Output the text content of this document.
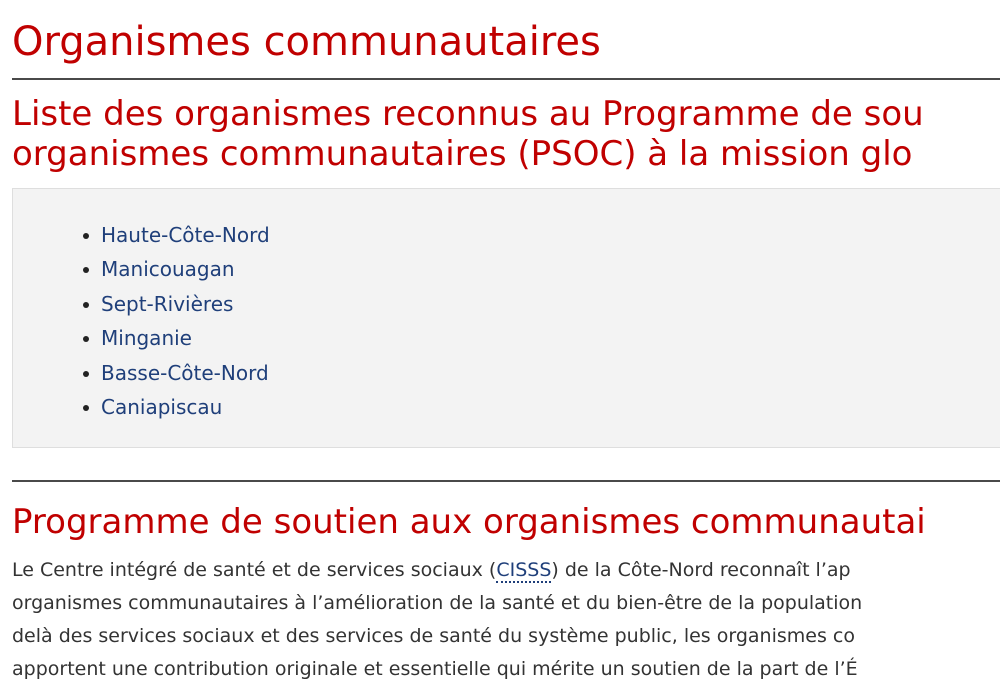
Organismes communautaires
Liste des organismes reconnus au Programme de sou
organismes communautaires (PSOC) à la mission glo
Haute-Côte-Nord
Manicouagan
Sept-Rivières
Minganie
Basse-Côte-Nord
Caniapiscau
Programme de soutien aux organismes communautai

Le Centre intégré de santé et de services sociaux (CISSS) de la Côte-Nord reconnaît l’ap
organismes communautaires à l’amélioration de la santé et du bien-être de la population
delà des services sociaux et des services de santé du système public, les organismes co
apportent une contribution originale et essentielle qui mérite un soutien de la part de l’É
